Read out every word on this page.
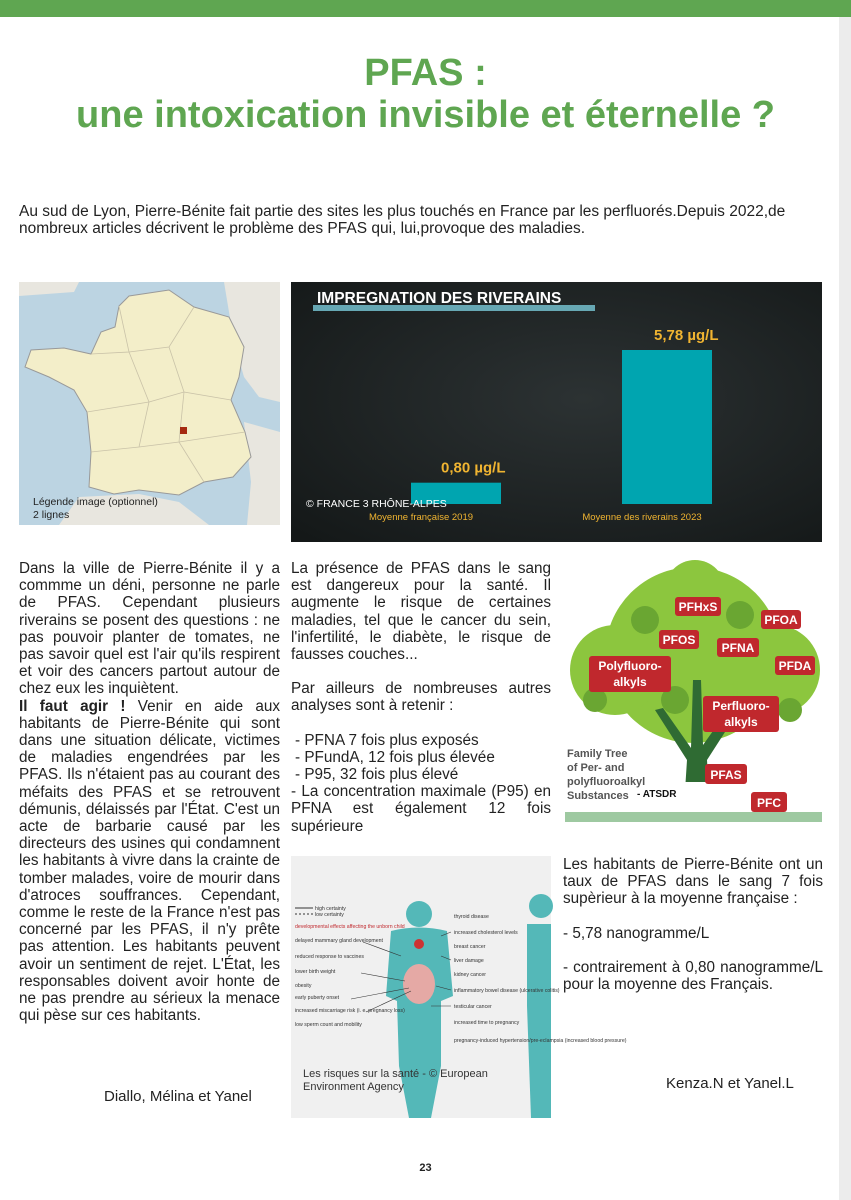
PFAS :
une intoxication invisible et éternelle ?
Au sud de Lyon, Pierre-Bénite fait partie des sites les plus touchés en France par les perfluorés.Depuis 2022,de nombreux articles décrivent le problème des PFAS qui, lui,provoque des maladies.
Légende image (optionnel)
2 lignes
IMPREGNATION DES RIVERAINS
0,80 µg/L
Moyenne française 2019
5,78 µg/L
Moyenne des riverains 2023
© FRANCE 3 RHÔNE-ALPES

Dans la ville de Pierre-Bénite il y a commme un déni, personne ne parle de PFAS. Cependant plusieurs riverains se posent des questions : ne pas pouvoir planter de tomates, ne pas savoir quel est l'air qu'ils respirent et voir des cancers partout autour de chez eux les inquiètent.

Il faut agir ! Venir en aide aux habitants de Pierre-Bénite qui sont dans une situation délicate, victimes de maladies engendrées par les PFAS. Ils n'étaient pas au courant des méfaits des PFAS et se retrouvent démunis, délaissés par l'État. C'est un acte de barbarie causé par les directeurs des usines qui condamnent les habitants à vivre dans la crainte de tomber malades, voire de mourir dans d'atroces souffrances. Cependant, comme le reste de la France n'est pas concerné par les PFAS, il n'y prête pas attention. Les habitants peuvent avoir un sentiment de rejet. L'État, les responsables doivent avoir honte de ne pas prendre au sérieux la menace qui pèse sur ces habitants.

Diallo, Mélina et Yanel

La présence de PFAS dans le sang est dangereux pour la santé. Il augmente le risque de certaines maladies, tel que le cancer du sein, l'infertilité, le diabète, le risque de fausses couches...

Par ailleurs de nombreuses autres analyses sont à retenir :

- PFNA 7 fois plus exposés
- PFundA, 12 fois plus élevée
- P95, 32 fois plus élevé
- La concentration maximale (P95) en PFNA est également 12 fois supérieure
PFHxS
PFOA
PFOS
PFNA
Polyfluoro-
alkyls
PFDA
Perfluoro-
alkyls
PFAS
PFC
Family Tree
of Per- and
polyfluoroalkyl
Substances - ATSDR
high certainty
low certainty
developmental effects affecting the unborn child
delayed mammary gland development
reduced response to vaccines
lower birth weight
obesity
early puberty onset
increased miscarriage risk (i. e. pregnancy loss)
low sperm count and mobility
thyroid disease
increased cholesterol levels
breast cancer
liver damage
kidney cancer
inflammatory bowel disease (ulcerative colitis)
testicular cancer
increased time to pregnancy
pregnancy-induced hypertension/pre-eclampsia (increased blood pressure)
Les risques sur la santé - © European Environment Agency

Les habitants de Pierre-Bénite ont un taux de PFAS dans le sang 7 fois supèrieur à la moyenne française :

- 5,78 nanogramme/L

- contrairement à 0,80 nanogramme/L pour la moyenne des Français.

Kenza.N et Yanel.L
23
